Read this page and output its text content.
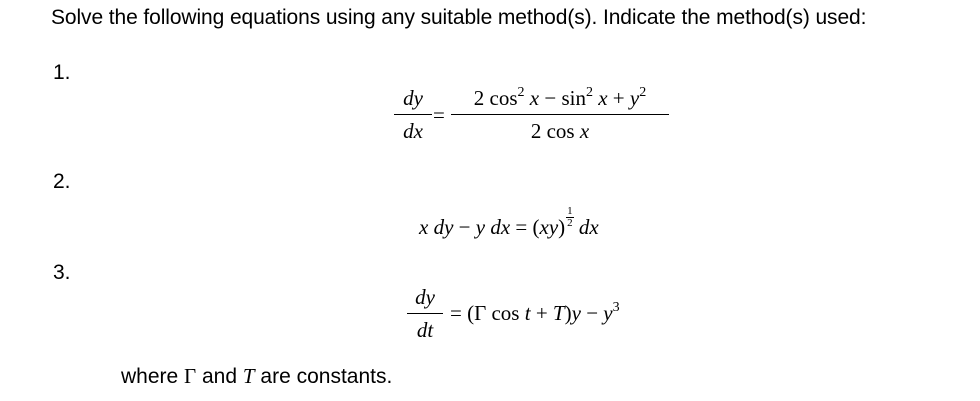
Solve the following equations using any suitable method(s). Indicate the method(s) used:
1.
$\frac{dy}{dx} = \frac{2 \cos^2 x - \sin^2 x + y^2}{\text{2 cos x}}$
2.
x dy − y dx = $(xy) \frac{1}{2}$ dx
3.
$\frac{dy}{dt} = (\Gamma$ $\cos t + T)y - y^3$
where Γ and T are constants.
